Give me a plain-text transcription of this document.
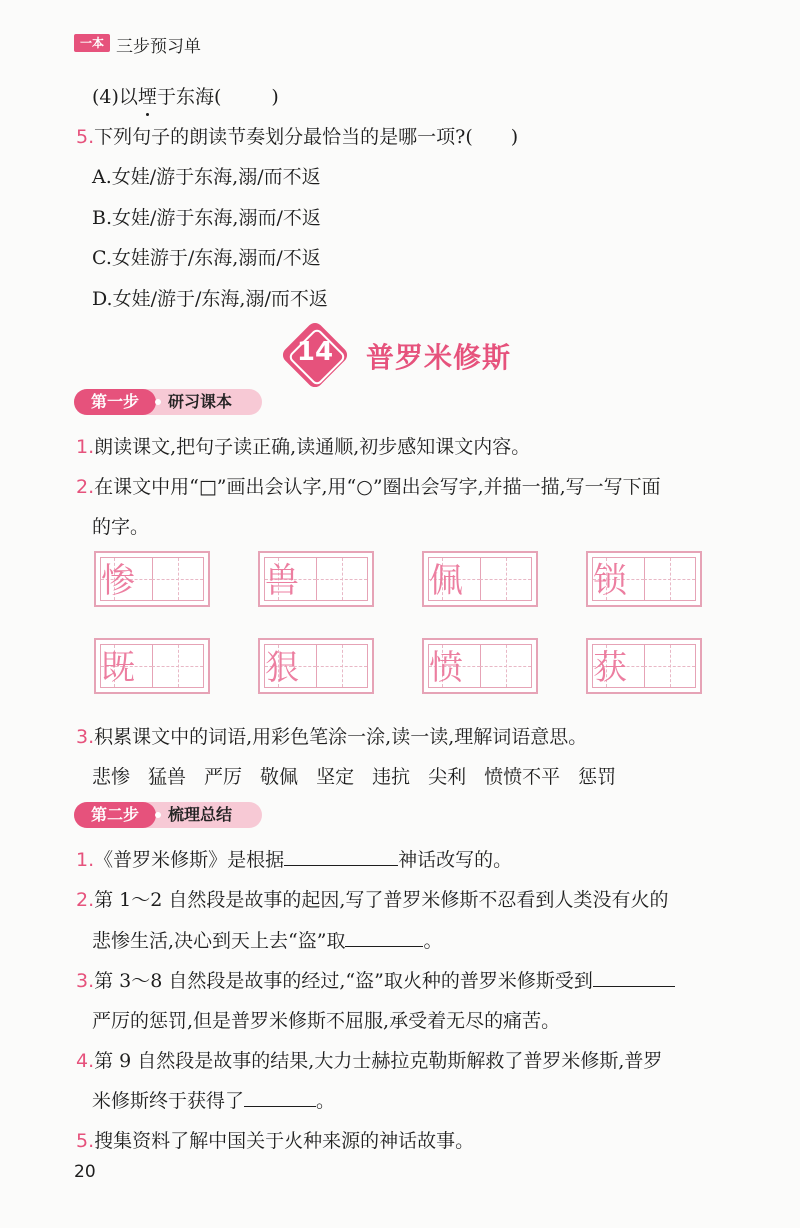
一本 三步预习单
(4)以堙于东海(	)
5.下列句子的朗读节奏划分最恰当的是哪一项?( )
A.女娃/游于东海,溺/而不返
B.女娃/游于东海,溺而/不返
C.女娃游于/东海,溺而/不返
D.女娃/游于/东海,溺/而不返
14	普罗米修斯
第一步	研习课本
1.朗读课文,把句子读正确,读通顺,初步感知课文内容。
2.在课文中用“□”画出会认字,用“○”圈出会写字,并描一描,写一写下面
的字。
惨	兽	佩	锁
既	狠	愤	获
3.积累课文中的词语,用彩色笔涂一涂,读一读,理解词语意思。
悲惨 猛兽 严厉 敬佩 坚定 违抗 尖利 愤愤不平 惩罚
第二步	梳理总结
1.《普罗米修斯》是根据	神话改写的。
2.第 1～2 自然段是故事的起因,写了普罗米修斯不忍看到人类没有火的
悲惨生活,决心到天上去“盗”取	。
3.第 3～8 自然段是故事的经过,“盗”取火种的普罗米修斯受到
严厉的惩罚,但是普罗米修斯不屈服,承受着无尽的痛苦。
4.第 9 自然段是故事的结果,大力士赫拉克勒斯解救了普罗米修斯,普罗
米修斯终于获得了	。
5.搜集资料了解中国关于火种来源的神话故事。
20
